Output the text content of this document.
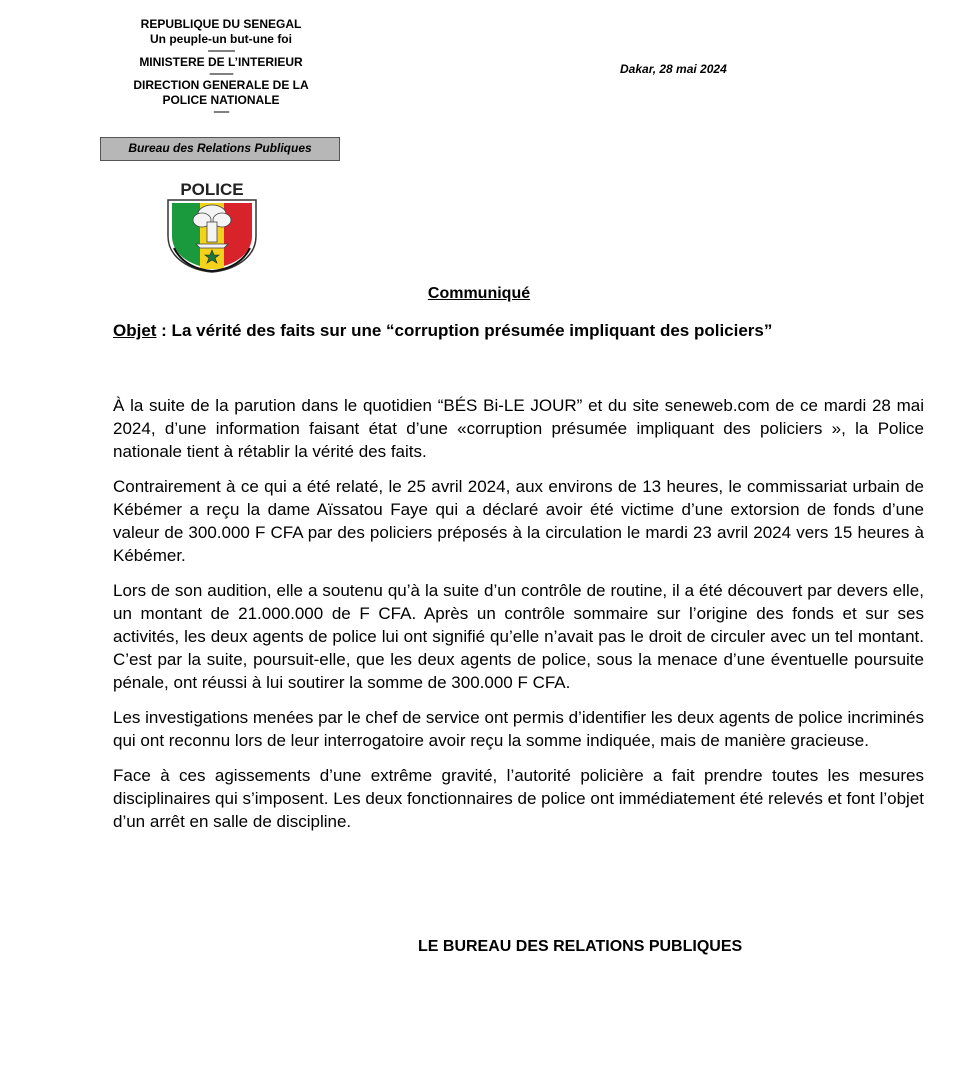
REPUBLIQUE DU SENEGAL
Un peuple-un but-une foi
----------------
MINISTERE DE L’INTERIEUR
--------------
DIRECTION GENERALE DE LA
POLICE NATIONALE
---------
Bureau des Relations Publiques
Dakar, 28 mai 2024
POLICE
Communiqué
Objet : La vérité des faits sur une “corruption présumée impliquant des policiers”

À la suite de la parution dans le quotidien “BÉS Bi-LE JOUR” et du site seneweb.com de ce mardi 28 mai 2024, d’une information faisant état d’une «corruption présumée impliquant des policiers », la Police nationale tient à rétablir la vérité des faits.

Contrairement à ce qui a été relaté, le 25 avril 2024, aux environs de 13 heures, le commissariat urbain de Kébémer a reçu la dame Aïssatou Faye qui a déclaré avoir été victime d’une extorsion de fonds d’une valeur de 300.000 F CFA par des policiers préposés à la circulation le mardi 23 avril 2024 vers 15 heures à Kébémer.

Lors de son audition, elle a soutenu qu’à la suite d’un contrôle de routine, il a été découvert par devers elle, un montant de 21.000.000 de F CFA. Après un contrôle sommaire sur l’origine des fonds et sur ses activités, les deux agents de police lui ont signifié qu’elle n’avait pas le droit de circuler avec un tel montant. C’est par la suite, poursuit-elle, que les deux agents de police, sous la menace d’une éventuelle poursuite pénale, ont réussi à lui soutirer la somme de 300.000 F CFA.

Les investigations menées par le chef de service ont permis d’identifier les deux agents de police incriminés qui ont reconnu lors de leur interrogatoire avoir reçu la somme indiquée, mais de manière gracieuse.

Face à ces agissements d’une extrême gravité, l’autorité policière a fait prendre toutes les mesures disciplinaires qui s’imposent. Les deux fonctionnaires de police ont immédiatement été relevés et font l’objet d’un arrêt en salle de discipline.

LE BUREAU DES RELATIONS PUBLIQUES
